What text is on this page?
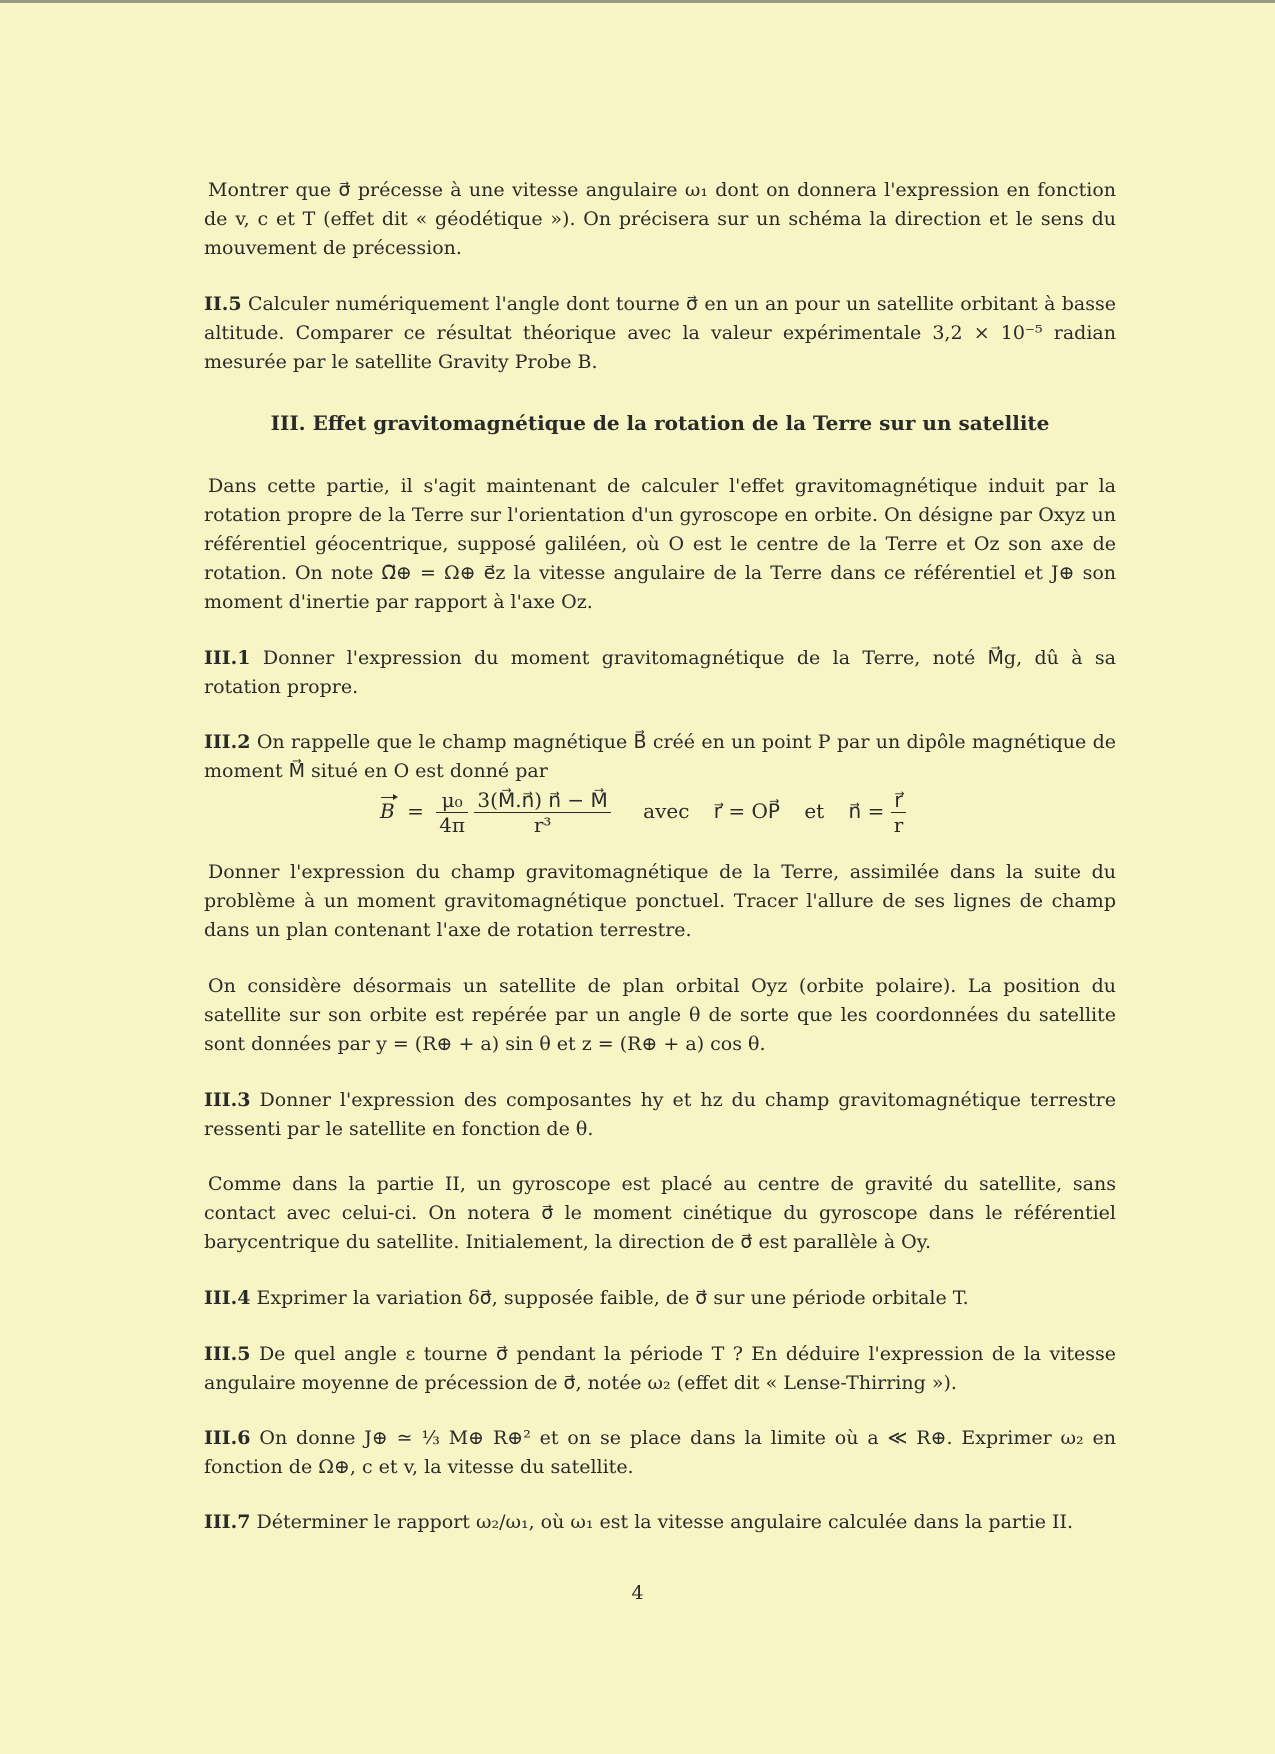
Montrer que σ⃗ précesse à une vitesse angulaire ω₁ dont on donnera l'expression en fonction de v, c et T (effet dit « géodétique »). On précisera sur un schéma la direction et le sens du mouvement de précession.

II.5 Calculer numériquement l'angle dont tourne σ⃗ en un an pour un satellite orbitant à basse altitude. Comparer ce résultat théorique avec la valeur expérimentale 3,2 × 10⁻⁵ radian mesurée par le satellite Gravity Probe B.

III. Effet gravitomagnétique de la rotation de la Terre sur un satellite

Dans cette partie, il s'agit maintenant de calculer l'effet gravitomagnétique induit par la rotation propre de la Terre sur l'orientation d'un gyroscope en orbite. On désigne par Oxyz un référentiel géocentrique, supposé galiléen, où O est le centre de la Terre et Oz son axe de rotation. On note Ω⃗⊕ = Ω⊕ e⃗z la vitesse angulaire de la Terre dans ce référentiel et J⊕ son moment d'inertie par rapport à l'axe Oz.

III.1 Donner l'expression du moment gravitomagnétique de la Terre, noté M⃗g, dû à sa rotation propre.

III.2 On rappelle que le champ magnétique B⃗ créé en un point P par un dipôle magnétique de moment M⃗ situé en O est donné par

$B = \frac{\text{μ₀}}{4\pi}$
$\frac{3(M⃗.n⃗) n⃗ - M⃗}{\text{r³}}$ avec r⃗ = OP⃗ et n⃗ = $\frac{r⃗}{r}$

Donner l'expression du champ gravitomagnétique de la Terre, assimilée dans la suite du problème à un moment gravitomagnétique ponctuel. Tracer l'allure de ses lignes de champ dans un plan contenant l'axe de rotation terrestre.

On considère désormais un satellite de plan orbital Oyz (orbite polaire). La position du satellite sur son orbite est repérée par un angle θ de sorte que les coordonnées du satellite sont données par y = (R⊕ + a) sin θ et z = (R⊕ + a) cos θ.

III.3 Donner l'expression des composantes hy et hz du champ gravitomagnétique terrestre ressenti par le satellite en fonction de θ.

Comme dans la partie II, un gyroscope est placé au centre de gravité du satellite, sans contact avec celui-ci. On notera σ⃗ le moment cinétique du gyroscope dans le référentiel barycentrique du satellite. Initialement, la direction de σ⃗ est parallèle à Oy.

III.4 Exprimer la variation δσ⃗, supposée faible, de σ⃗ sur une période orbitale T.

III.5 De quel angle ε tourne σ⃗ pendant la période T ? En déduire l'expression de la vitesse angulaire moyenne de précession de σ⃗, notée ω₂ (effet dit « Lense-Thirring »).

III.6 On donne J⊕ ≃ ⅓ M⊕ R⊕² et on se place dans la limite où a ≪ R⊕. Exprimer ω₂ en fonction de Ω⊕, c et v, la vitesse du satellite.

III.7 Déterminer le rapport ω₂/ω₁, où ω₁ est la vitesse angulaire calculée dans la partie II.

4
